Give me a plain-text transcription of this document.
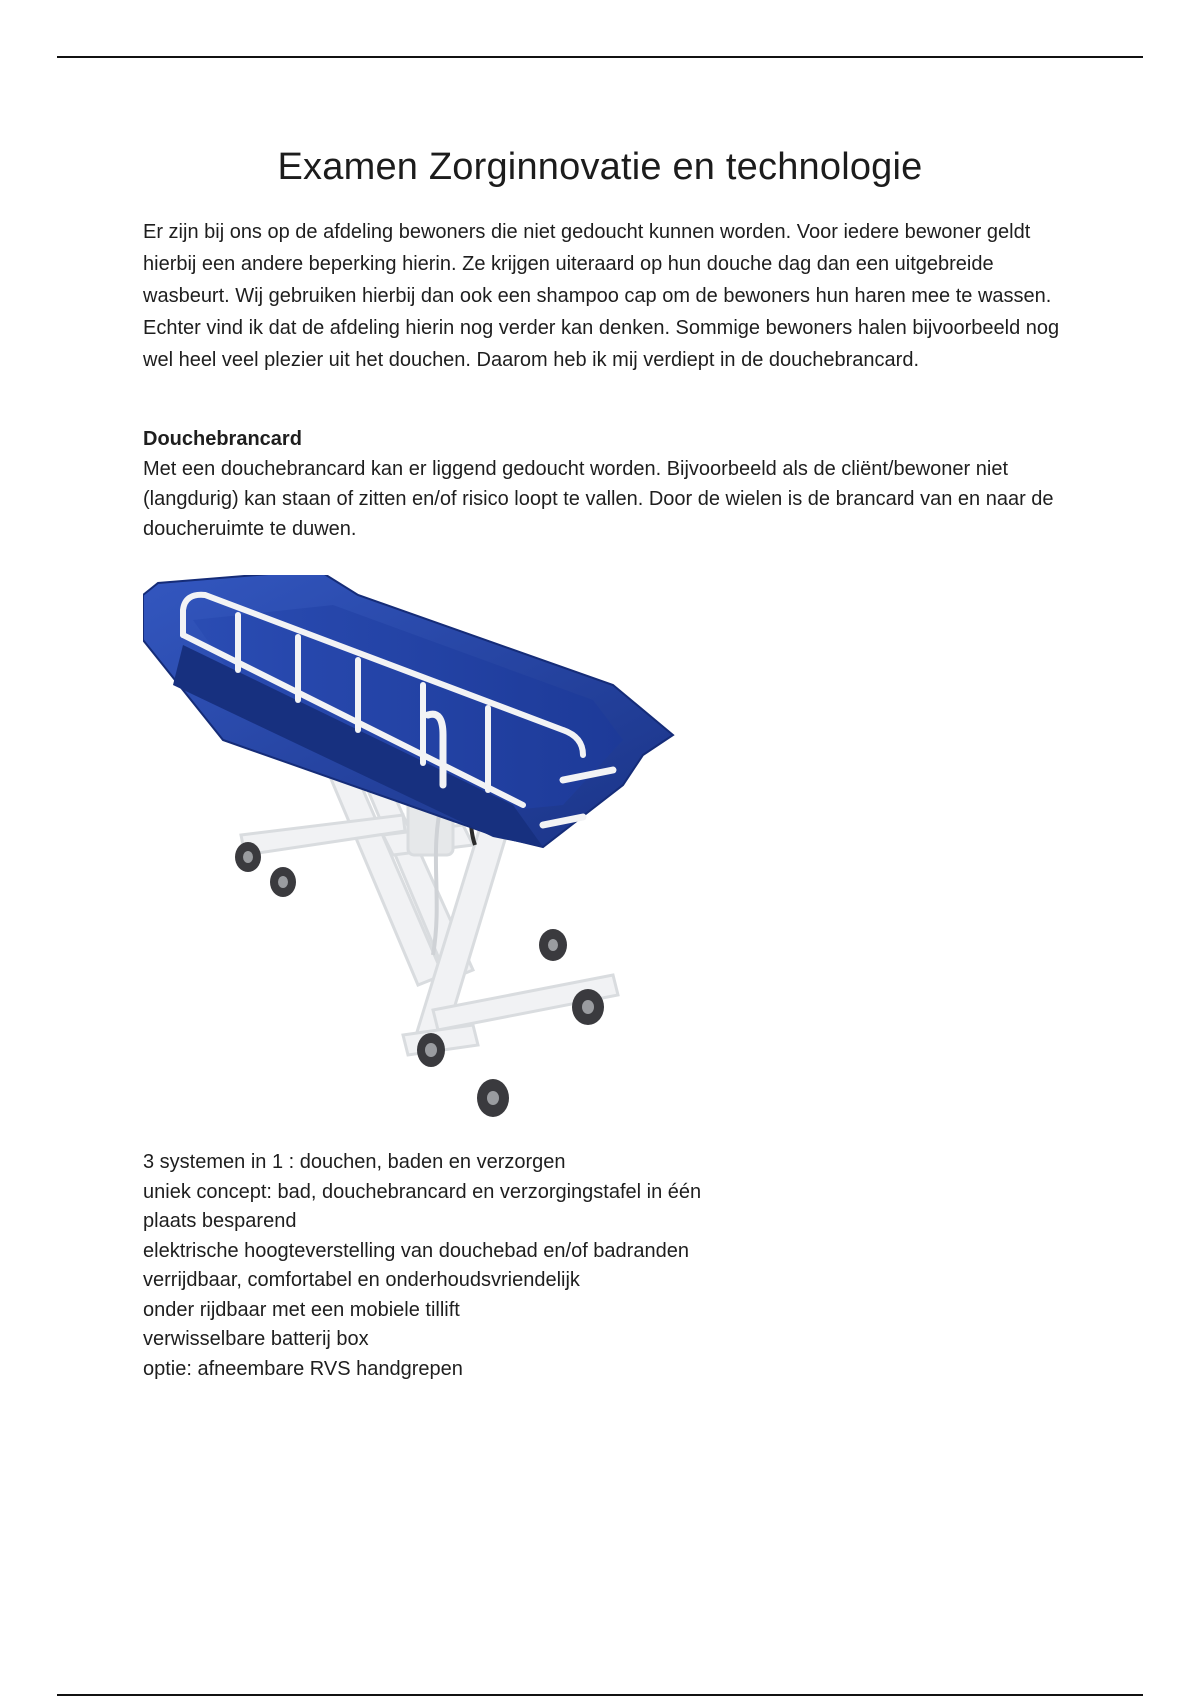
Examen Zorginnovatie en technologie

Er zijn bij ons op de afdeling bewoners die niet gedoucht kunnen worden. Voor iedere bewoner geldt hierbij een andere beperking hierin. Ze krijgen uiteraard op hun douche dag dan een uitgebreide wasbeurt. Wij gebruiken hierbij dan ook een shampoo cap om de bewoners hun haren mee te wassen. Echter vind ik dat de afdeling hierin nog verder kan denken. Sommige bewoners halen bijvoorbeeld nog wel heel veel plezier uit het douchen. Daarom heb ik mij verdiept in de douchebrancard.

Douchebrancard

Met een douchebrancard kan er liggend gedoucht worden. Bijvoorbeeld als de cliënt/bewoner niet (langdurig) kan staan of zitten en/of risico loopt te vallen. Door de wielen is de brancard van en naar de doucheruimte te duwen.

3 systemen in 1 : douchen, baden en verzorgen
uniek concept: bad, douchebrancard en verzorgingstafel in één
plaats besparend
elektrische hoogteverstelling van douchebad en/of badranden
verrijdbaar, comfortabel en onderhoudsvriendelijk
onder rijdbaar met een mobiele tillift
verwisselbare batterij box
optie: afneembare RVS handgrepen
